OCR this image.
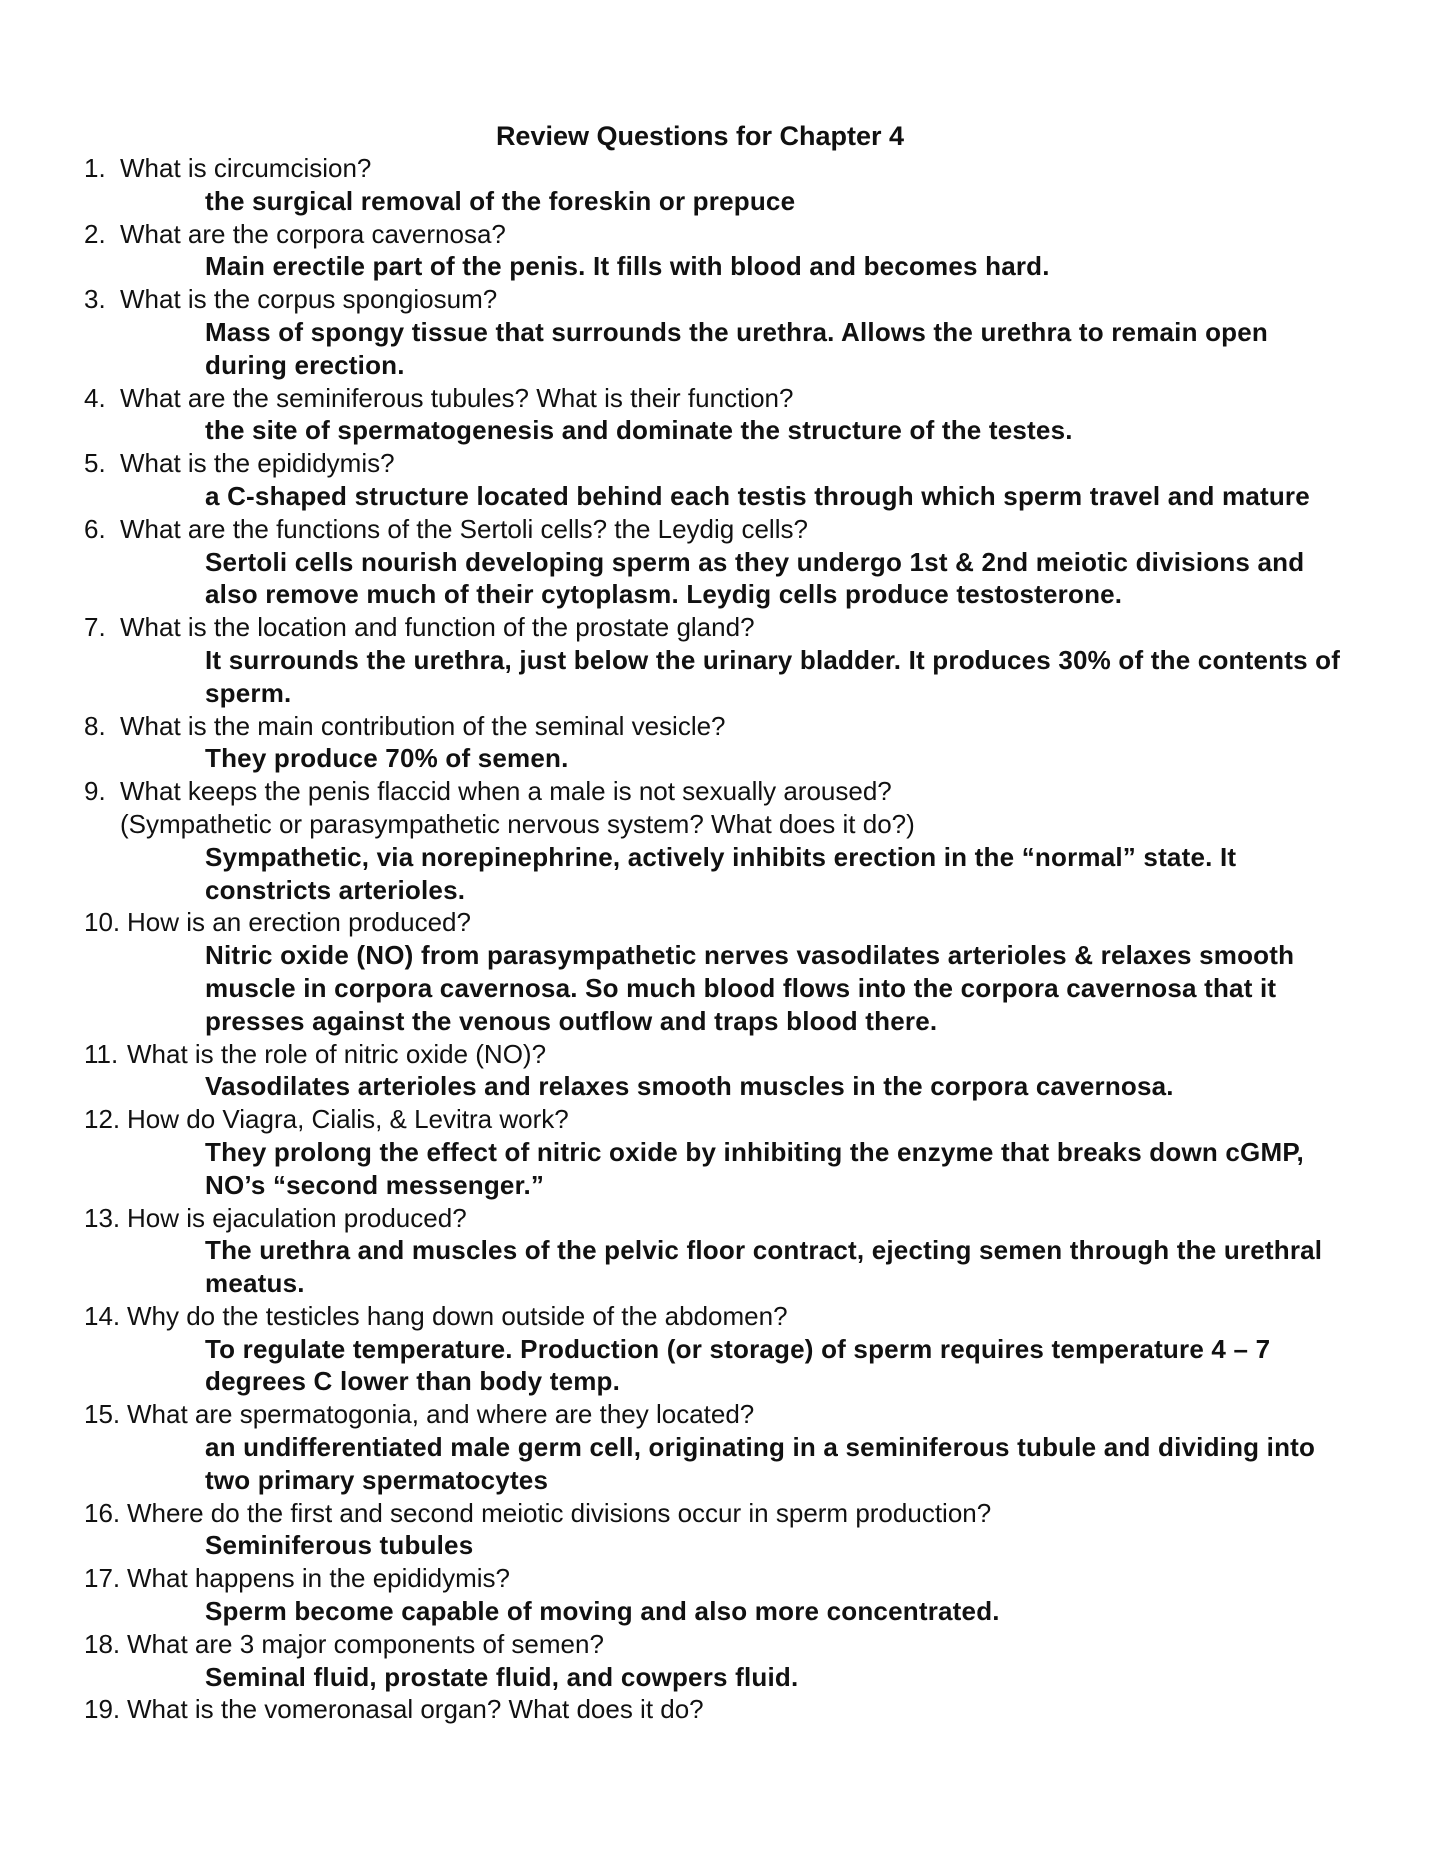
Review Questions for Chapter 4
1. What is circumcision?
the surgical removal of the foreskin or prepuce
2. What are the corpora cavernosa?
Main erectile part of the penis. It fills with blood and becomes hard.
3. What is the corpus spongiosum?
Mass of spongy tissue that surrounds the urethra. Allows the urethra to remain open during erection.
4. What are the seminiferous tubules? What is their function?
the site of spermatogenesis and dominate the structure of the testes.
5. What is the epididymis?
a C-shaped structure located behind each testis through which sperm travel and mature
6. What are the functions of the Sertoli cells? the Leydig cells?
Sertoli cells nourish developing sperm as they undergo 1st & 2nd meiotic divisions and also remove much of their cytoplasm. Leydig cells produce testosterone.
7. What is the location and function of the prostate gland?
It surrounds the urethra, just below the urinary bladder. It produces 30% of the contents of sperm.
8. What is the main contribution of the seminal vesicle?
They produce 70% of semen.
9. What keeps the penis flaccid when a male is not sexually aroused? (Sympathetic or parasympathetic nervous system? What does it do?)
Sympathetic, via norepinephrine, actively inhibits erection in the “normal” state. It constricts arterioles.
10. How is an erection produced?
Nitric oxide (NO) from parasympathetic nerves vasodilates arterioles & relaxes smooth muscle in corpora cavernosa. So much blood flows into the corpora cavernosa that it presses against the venous outflow and traps blood there.
11. What is the role of nitric oxide (NO)?
Vasodilates arterioles and relaxes smooth muscles in the corpora cavernosa.
12. How do Viagra, Cialis, & Levitra work?
They prolong the effect of nitric oxide by inhibiting the enzyme that breaks down cGMP, NO’s “second messenger.”
13. How is ejaculation produced?
The urethra and muscles of the pelvic floor contract, ejecting semen through the urethral meatus.
14. Why do the testicles hang down outside of the abdomen?
To regulate temperature. Production (or storage) of sperm requires temperature 4 – 7 degrees C lower than body temp.
15. What are spermatogonia, and where are they located?
an undifferentiated male germ cell, originating in a seminiferous tubule and dividing into two primary spermatocytes
16. Where do the first and second meiotic divisions occur in sperm production?
Seminiferous tubules
17. What happens in the epididymis?
Sperm become capable of moving and also more concentrated.
18. What are 3 major components of semen?
Seminal fluid, prostate fluid, and cowpers fluid.
19. What is the vomeronasal organ? What does it do?
